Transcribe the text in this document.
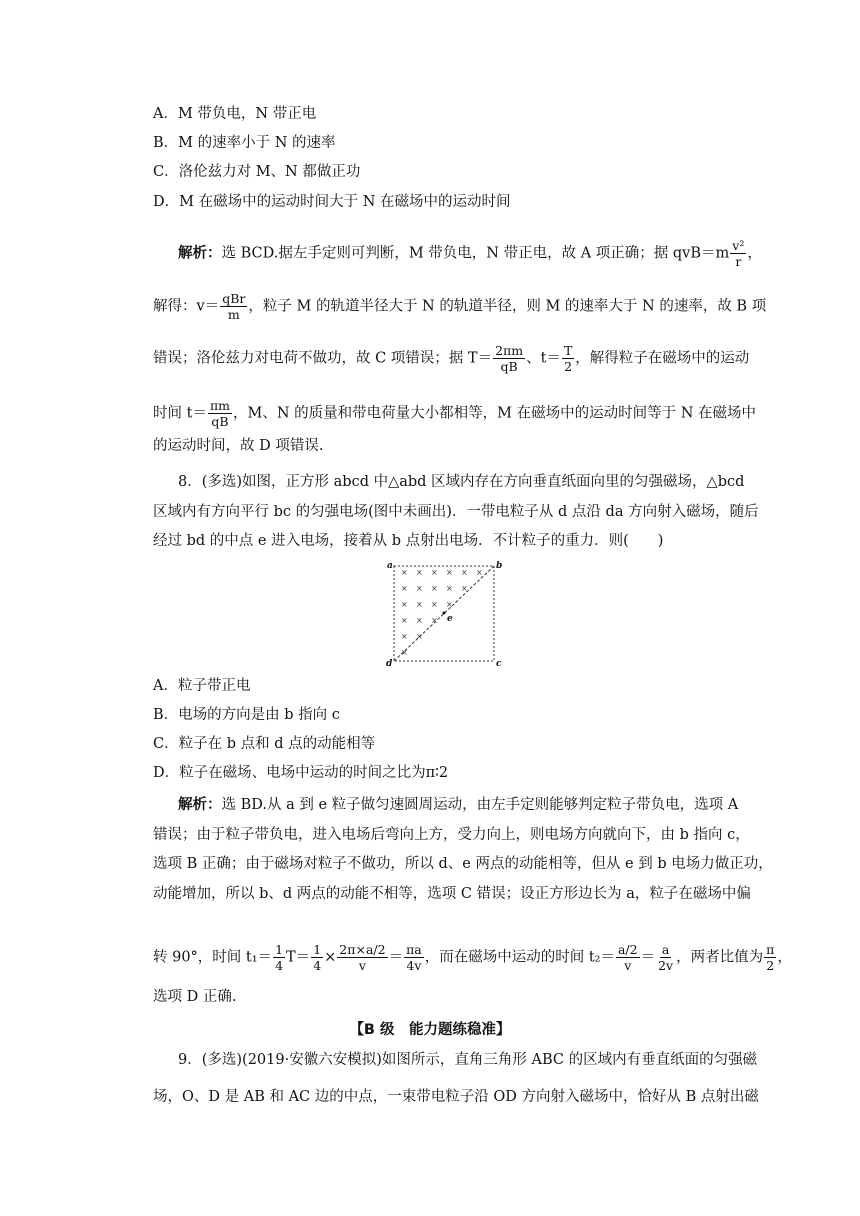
A．M 带负电，N 带正电
B．M 的速率小于 N 的速率
C．洛伦兹力对 M、N 都做正功
D．M 在磁场中的运动时间大于 N 在磁场中的运动时间
解析：选 BCD.据左手定则可判断，M 带负电，N 带正电，故 A 项正确；据 $qvB=m \frac{\text{v²}}{r}$ ，
解得：$v= \frac{\text{qBr}}{m}$ ，粒子 M 的轨道半径大于 N 的轨道半径，则 M 的速率大于 N 的速率，故 B 项
错误；洛伦兹力对电荷不做功，故 C 项错误；据 $T= \frac{2\pi m}{qB}$ 、$t= \frac{T}{2}$ ，解得粒子在磁场中的运动
时间 $t= \frac{\pi m}{qB}$ ，M、N 的质量和带电荷量大小都相等，M 在磁场中的运动时间等于 N 在磁场中
的运动时间，故 D 项错误.
8．(多选)如图，正方形 abcd 中△abd 区域内存在方向垂直纸面向里的匀强磁场，△bcd
区域内有方向平行 bc 的匀强电场(图中未画出)．一带电粒子从 d 点沿 da 方向射入磁场，随后
经过 bd 的中点 e 进入电场，接着从 b 点射出电场．不计粒子的重力．则(　　)
× × × × × ×
× × × × ×
× × × ×
× × ×
× ×
×
a	b
c
d
e
A．粒子带正电
B．电场的方向是由 b 指向 c
C．粒子在 b 点和 d 点的动能相等
D．粒子在磁场、电场中运动的时间之比为π∶2
解析：选 BD.从 a 到 e 粒子做匀速圆周运动，由左手定则能够判定粒子带负电，选项 A
错误；由于粒子带负电，进入电场后弯向上方，受力向上，则电场方向就向下，由 b 指向 c，
选项 B 正确；由于磁场对粒子不做功，所以 d、e 两点的动能相等，但从 e 到 b 电场力做正功，
动能增加，所以 b、d 两点的动能不相等，选项 C 错误；设正方形边长为 a，粒子在磁场中偏
转 90°，时间 $t_1= \frac{1}{4} T= \frac{1}{4} \times \frac{2\pi\times a/2}{v} = \frac{\pi a}{4v}$ ，而在磁场中运动的时间 $t_2= \frac{a/2}{v} = \frac{a}{2v}$ ，两者比值为 $\frac{\pi}{2}$ ，
选项 D 正确.
【B 级　能力题练稳准】
9．(多选)(2019·安徽六安模拟)如图所示，直角三角形 ABC 的区域内有垂直纸面的匀强磁
场，O、D 是 AB 和 AC 边的中点，一束带电粒子沿 OD 方向射入磁场中，恰好从 B 点射出磁
